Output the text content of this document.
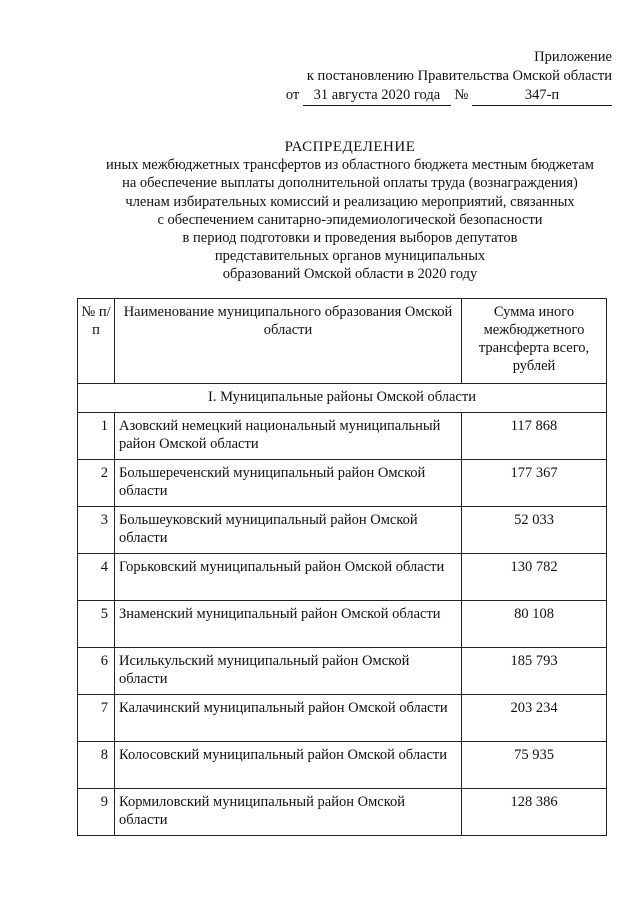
Приложение
к постановлению Правительства Омской области
от 31 августа 2020 года №	347-п
РАСПРЕДЕЛЕНИЕ
иных межбюджетных трансфертов из областного бюджета местным бюджетам
на обеспечение выплаты дополнительной оплаты труда (вознаграждения)
членам избирательных комиссий и реализацию мероприятий, связанных
с обеспечением санитарно-эпидемиологической безопасности
в период подготовки и проведения выборов депутатов
представительных органов муниципальных
образований Омской области в 2020 году
№ п/п	Наименование муниципального образования Омской области	Сумма иного межбюджетного трансферта всего, рублей
I. Муниципальные районы Омской области		
1	Азовский немецкий национальный муниципальный район Омской области	117 868
2	Большереченский муниципальный район Омской области	177 367
3	Большеуковский муниципальный район Омской области	52 033
4	Горьковский муниципальный район Омской области	130 782
5	Знаменский муниципальный район Омской области	80 108
6	Исилькульский муниципальный район Омской области	185 793
7	Калачинский муниципальный район Омской области	203 234
8	Колосовский муниципальный район Омской области	75 935
9	Кормиловский муниципальный район Омской области	128 386
